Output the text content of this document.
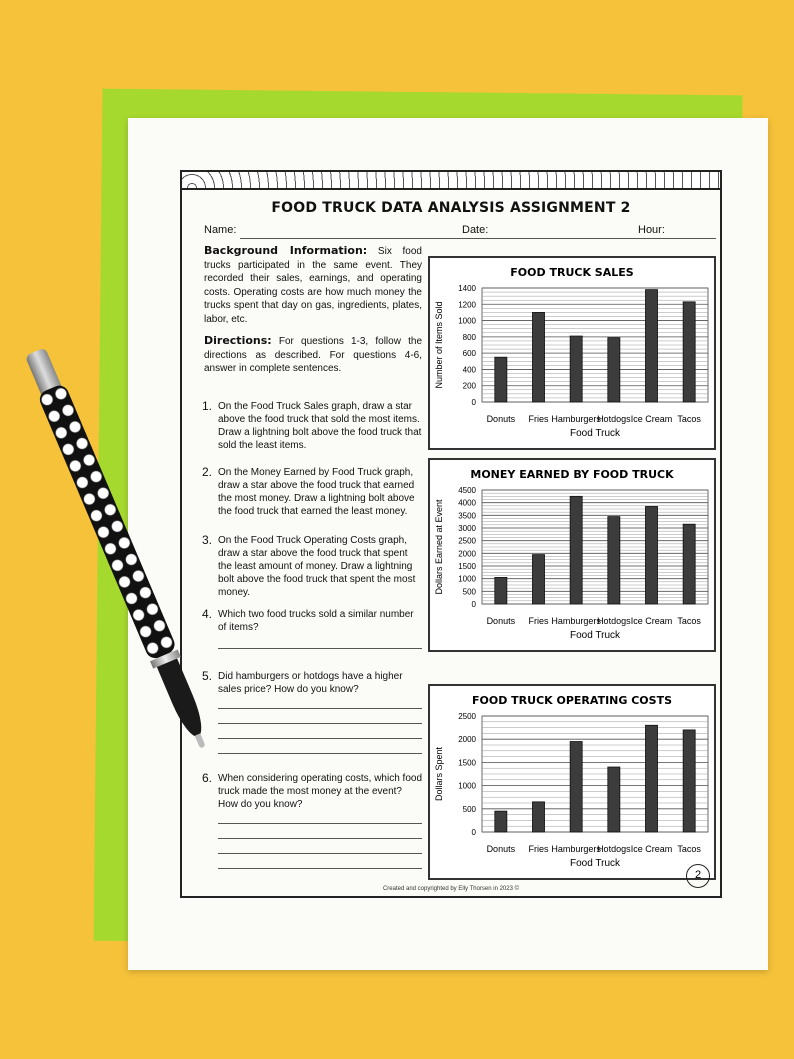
FOOD TRUCK DATA ANALYSIS ASSIGNMENT 2
Name:	Date:	Hour:

Background Information: Six food trucks participated in the same event. They recorded their sales, earnings, and operating costs. Operating costs are how much money the trucks spent that day on gas, ingredients, plates, labor, etc.

Directions: For questions 1-3, follow the directions as described. For questions 4-6, answer in complete sentences.

1. On the Food Truck Sales graph, draw a star above the food truck that sold the most items. Draw a lightning bolt above the food truck that sold the least items.
2. On the Money Earned by Food Truck graph, draw a star above the food truck that earned the most money. Draw a lightning bolt above the food truck that earned the least money.
3. On the Food Truck Operating Costs graph, draw a star above the food truck that spent the least amount of money. Draw a lightning bolt above the food truck that spent the most money.
4. Which two food trucks sold a similar number of items?
5. Did hamburgers or hotdogs have a higher sales price? How do you know?
6. When considering operating costs, which food truck made the most money at the event? How do you know?
FOOD TRUCK SALES
0
200
400
600
800
1000
1200
1400
Donuts Fries Hamburgers
Hotdogs Ice Cream Tacos
Food Truck
Number of Items Sold
MONEY EARNED BY FOOD TRUCK
0
500
1000
1500
2000
2500
3000
3500
4000
4500
Donuts Fries Hamburgers
Hotdogs Ice Cream Tacos
Food Truck
Dollars Earned at Event
FOOD TRUCK OPERATING COSTS
0
500
1000
1500
2000
2500
Donuts Fries Hamburgers
Hotdogs Ice Cream Tacos
Food Truck
Dollars Spent
Created and copyrighted by Elly Thorsen in 2023 ©
2
